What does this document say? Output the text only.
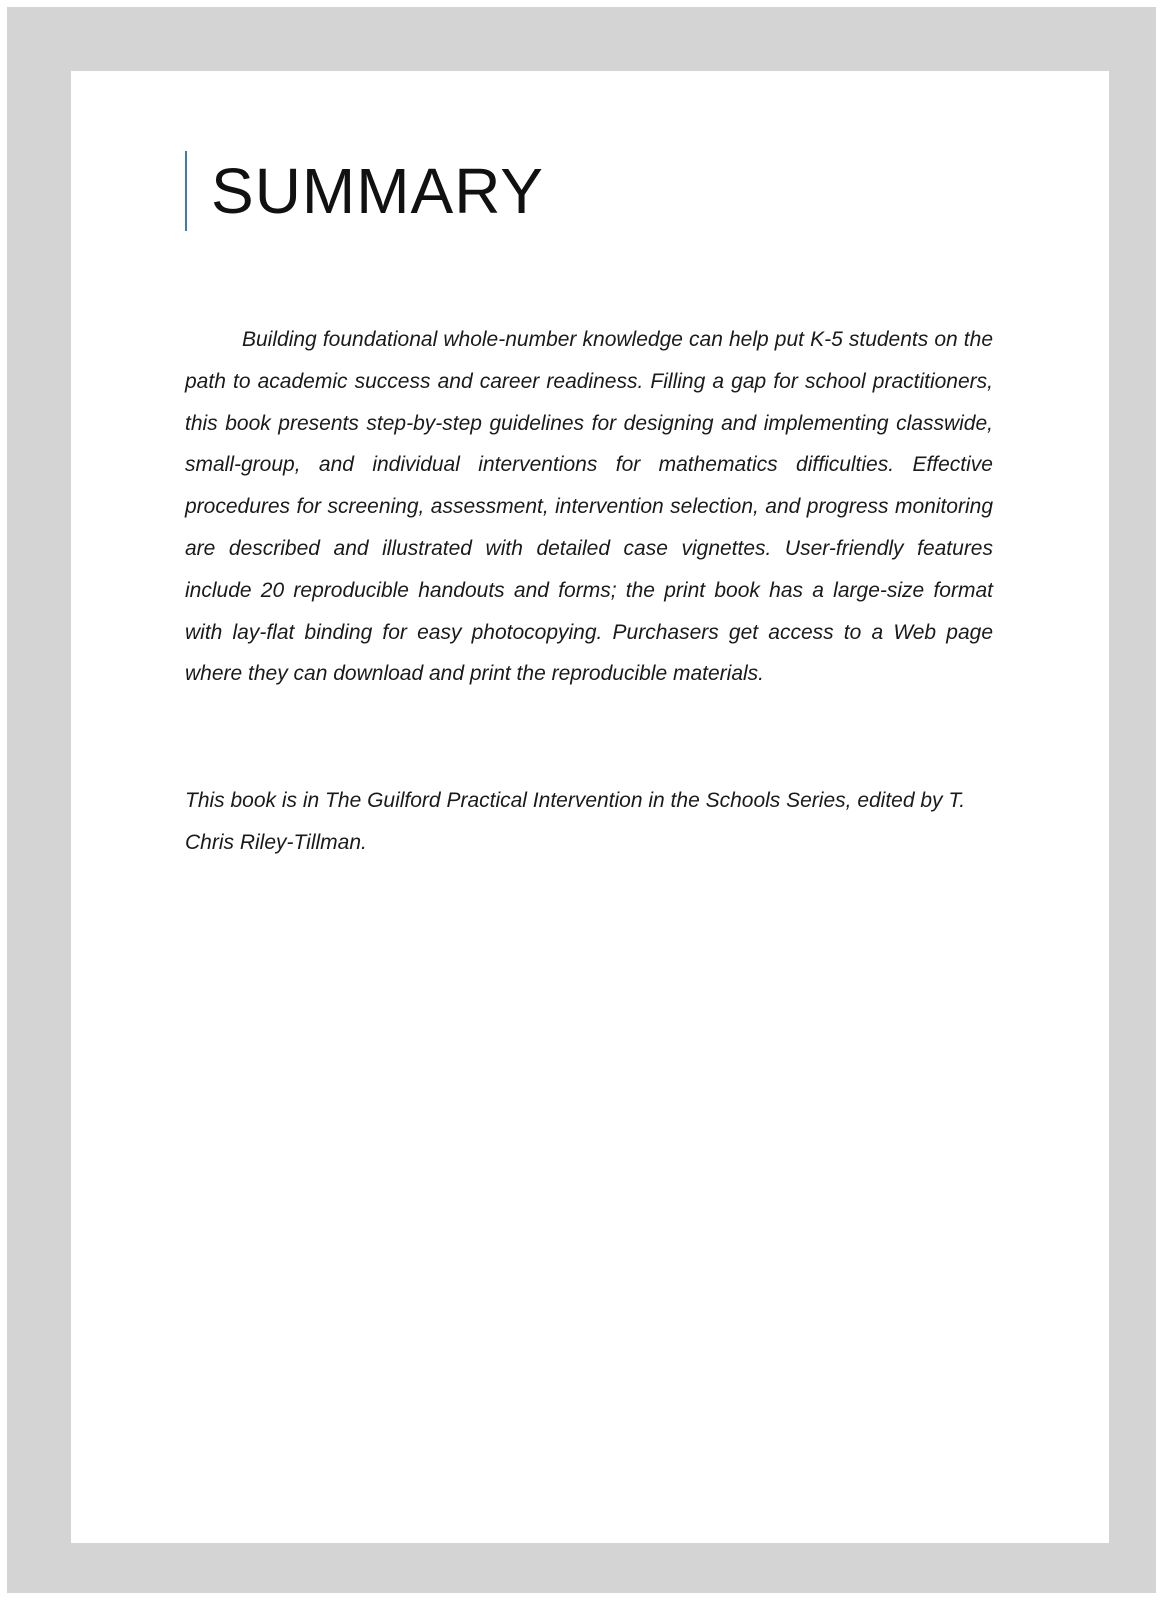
SUMMARY

Building foundational whole-number knowledge can help put K-5 students on the path to academic success and career readiness. Filling a gap for school practitioners, this book presents step-by-step guidelines for designing and implementing classwide, small-group, and individual interventions for mathematics difficulties. Effective procedures for screening, assessment, intervention selection, and progress monitoring are described and illustrated with detailed case vignettes. User-friendly features include 20 reproducible handouts and forms; the print book has a large-size format with lay-flat binding for easy photocopying. Purchasers get access to a Web page where they can download and print the reproducible materials.

This book is in The Guilford Practical Intervention in the Schools Series, edited by T. Chris Riley-Tillman.
